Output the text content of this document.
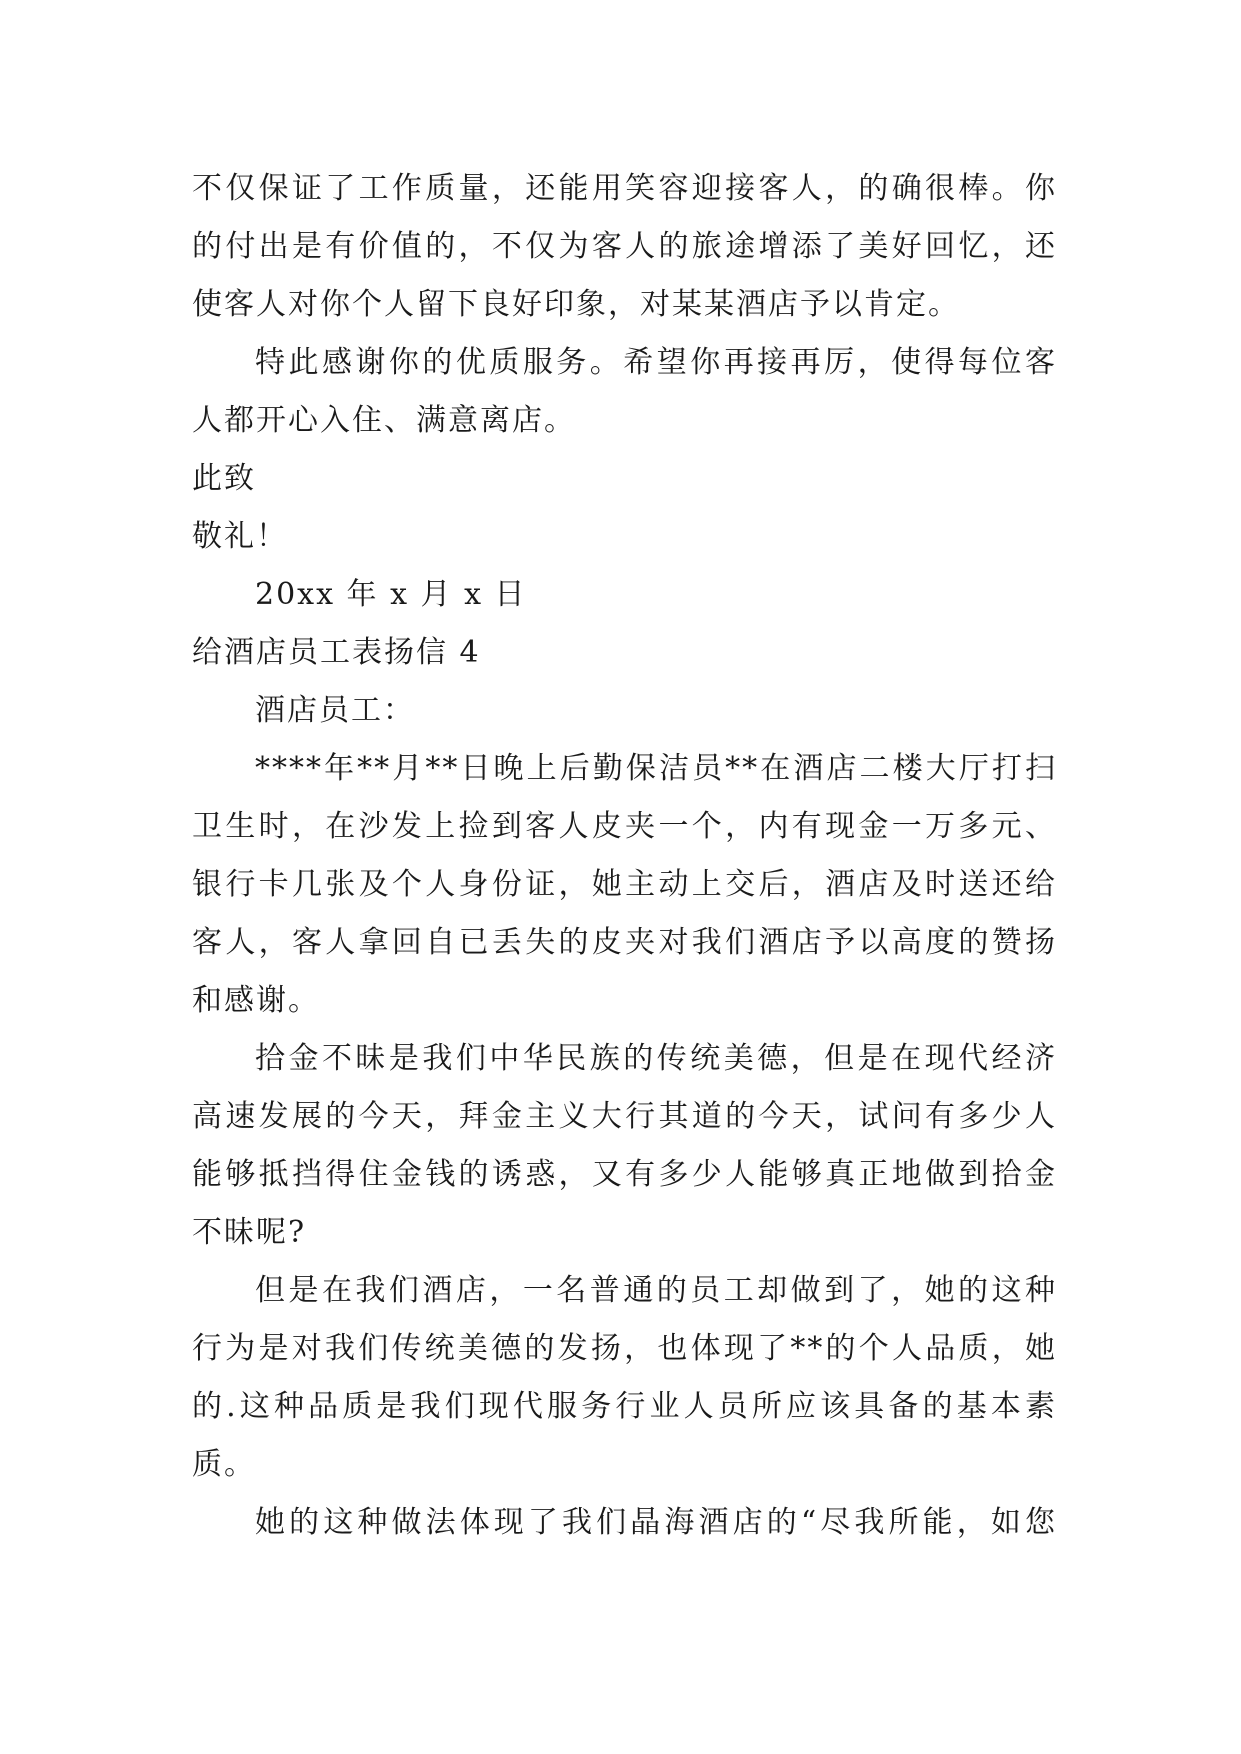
不仅保证了工作质量，还能用笑容迎接客人，的确很棒。你
的付出是有价值的，不仅为客人的旅途增添了美好回忆，还
使客人对你个人留下良好印象，对某某酒店予以肯定。
特此感谢你的优质服务。希望你再接再厉，使得每位客
人都开心入住、满意离店。
此致
敬礼！
20xx 年 x 月 x 日
给酒店员工表扬信 4
酒店员工：
****年**月**日晚上后勤保洁员**在酒店二楼大厅打扫
卫生时，在沙发上捡到客人皮夹一个，内有现金一万多元、
银行卡几张及个人身份证，她主动上交后，酒店及时送还给
客人，客人拿回自已丢失的皮夹对我们酒店予以高度的赞扬
和感谢。
拾金不昧是我们中华民族的传统美德，但是在现代经济
高速发展的今天，拜金主义大行其道的今天，试问有多少人
能够抵挡得住金钱的诱惑，又有多少人能够真正地做到拾金
不昧呢?
但是在我们酒店，一名普通的员工却做到了，她的这种
行为是对我们传统美德的发扬，也体现了**的个人品质，她
的.这种品质是我们现代服务行业人员所应该具备的基本素
质。
她的这种做法体现了我们晶海酒店的“尽我所能，如您
